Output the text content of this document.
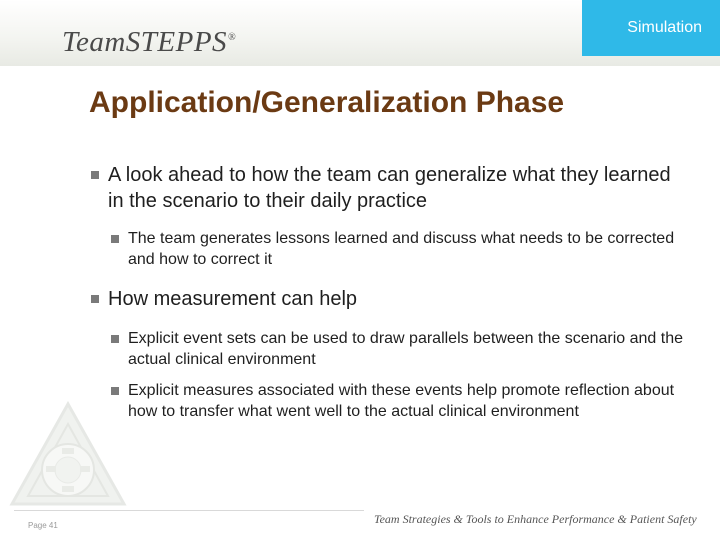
TeamSTEPPS®
Simulation
Application/Generalization Phase
A look ahead to how the team can generalize what they learned in the scenario to their daily practice
The team generates lessons learned and discuss what needs to be corrected and how to correct it
How measurement can help
Explicit event sets can be used to draw parallels between the scenario and the actual clinical environment
Explicit measures associated with these events help promote reflection about how to transfer what went well to the actual clinical environment
Page 41	Team Strategies & Tools to Enhance Performance & Patient Safety
